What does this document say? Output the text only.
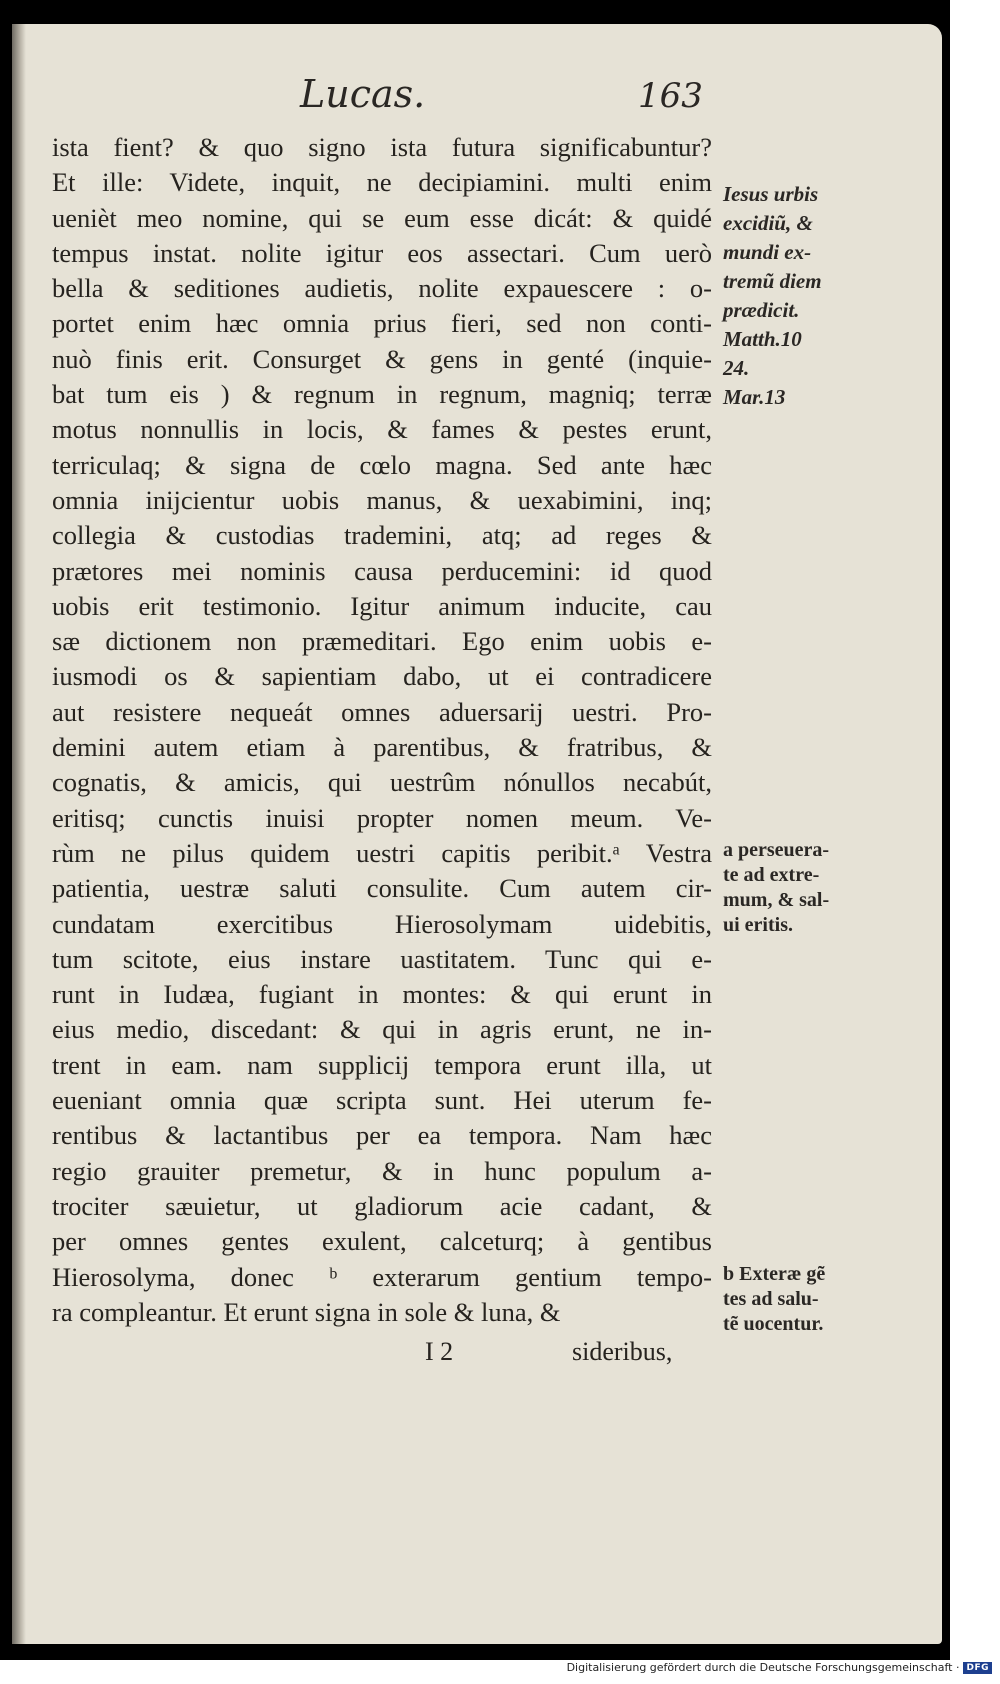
Lucas.	163
ista fient? & quo signo ista futura significabuntur?
Et ille: Videte, inquit, ne decipiamini. multi enim
uenièt meo nomine, qui se eum esse dicát: & quidé
tempus instat. nolite igitur eos assectari. Cum uerò
bella & seditiones audietis, nolite expauescere : o-
portet enim hæc omnia prius fieri, sed non conti-
nuò finis erit. Consurget & gens in genté (inquie-
bat tum eis ) & regnum in regnum, magniq; terræ
motus nonnullis in locis, & fames & pestes erunt,
terriculaq; & signa de cœlo magna. Sed ante hæc
omnia inijcientur uobis manus, & uexabimini, inq;
collegia & custodias trademini, atq; ad reges &
prætores mei nominis causa perducemini: id quod
uobis erit testimonio. Igitur animum inducite, cau
sæ dictionem non præmeditari. Ego enim uobis e-
iusmodi os & sapientiam dabo, ut ei contradicere
aut resistere nequeát omnes aduersarij uestri. Pro-
demini autem etiam à parentibus, & fratribus, &
cognatis, & amicis, qui uestrûm nónullos necabút,
eritisq; cunctis inuisi propter nomen meum. Ve-
rùm ne pilus quidem uestri capitis peribit.ᵃ Vestra
patientia, uestræ saluti consulite. Cum autem cir-
cundatam exercitibus Hierosolymam uidebitis,
tum scitote, eius instare uastitatem. Tunc qui e-
runt in Iudæa, fugiant in montes: & qui erunt in
eius medio, discedant: & qui in agris erunt, ne in-
trent in eam. nam supplicij tempora erunt illa, ut
eueniant omnia quæ scripta sunt. Hei uterum fe-
rentibus & lactantibus per ea tempora. Nam hæc
regio grauiter premetur, & in hunc populum a-
trociter sæuietur, ut gladiorum acie cadant, &
per omnes gentes exulent, calceturq; à gentibus
Hierosolyma, donec ᵇ exterarum gentium tempo-
ra compleantur. Et erunt signa in sole & luna, &
Iesus urbis
excidiũ, &
mundi ex-
tremũ diem
prædicit.
Matth.10
24.
Mar.13
a perseuera-
te ad extre-
mum, & sal-
ui eritis.
b Exteræ gẽ
tes ad salu-
tẽ uocentur.
I 2	sideribus,
Digitalisierung gefördert durch die Deutsche Forschungsgemeinschaft · DFG
